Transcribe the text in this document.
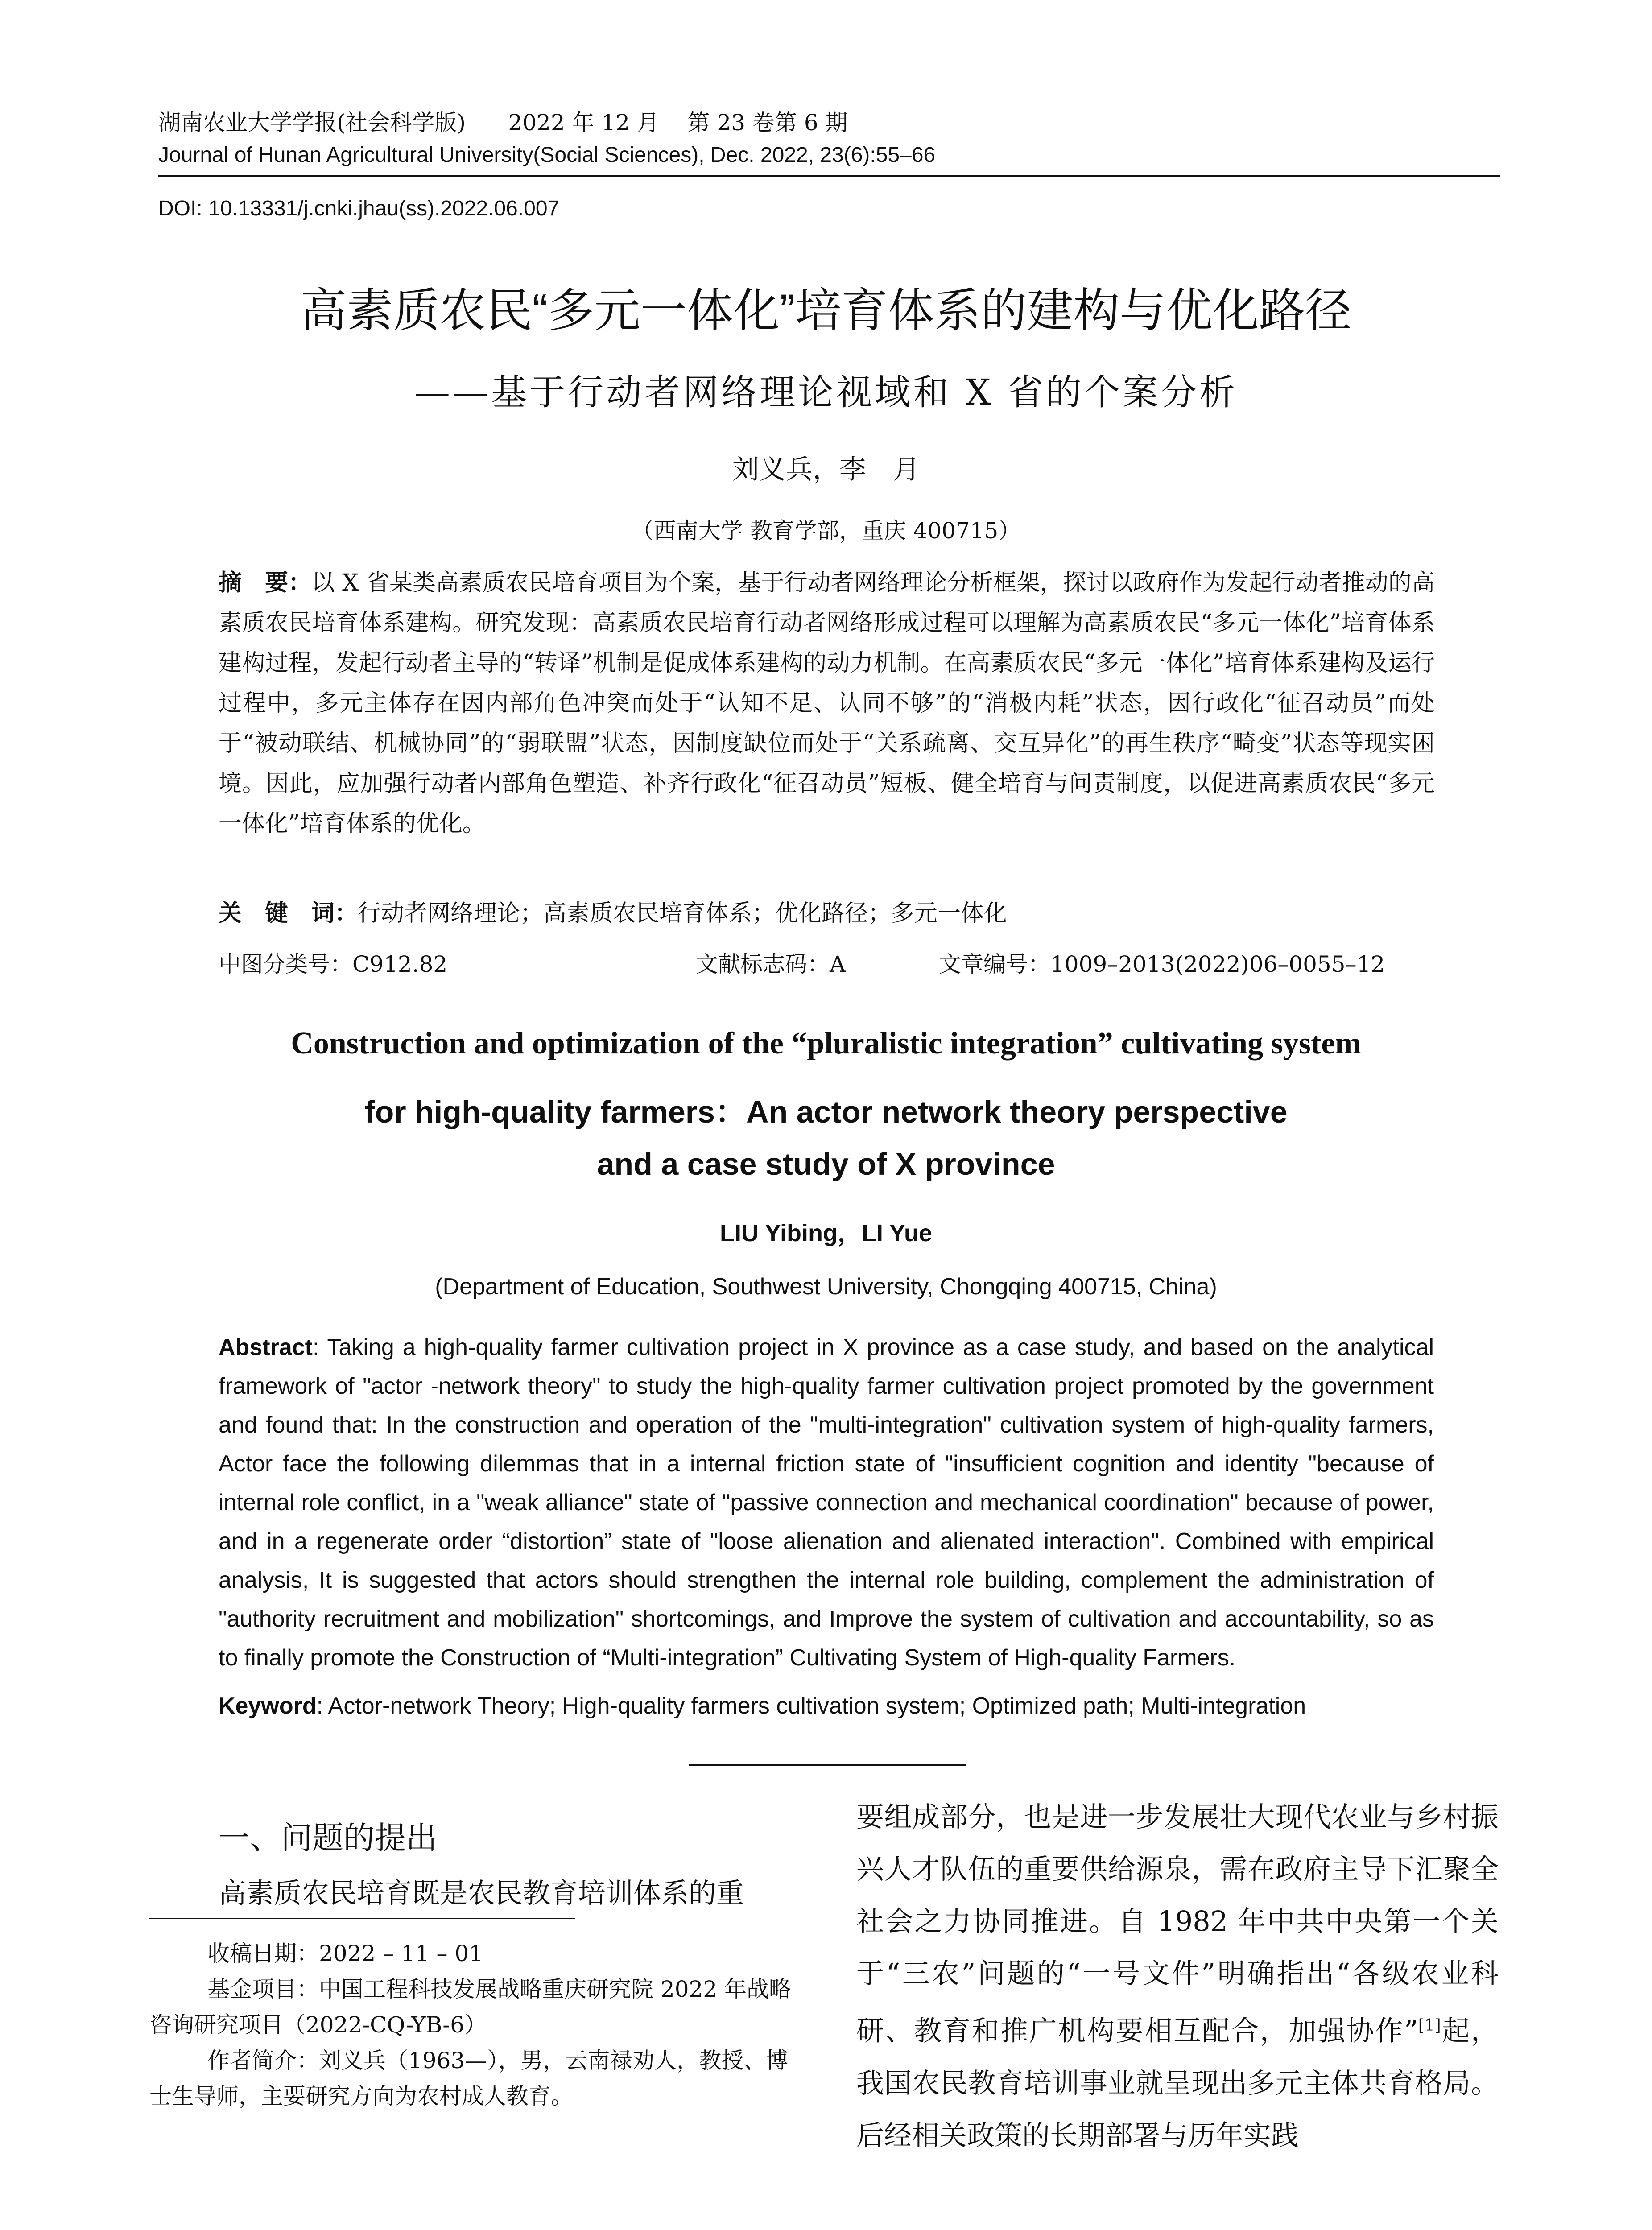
湖南农业大学学报(社会科学版) 2022 年 12 月 第 23 卷第 6 期
Journal of Hunan Agricultural University(Social Sciences), Dec. 2022, 23(6):55–66
DOI: 10.13331/j.cnki.jhau(ss).2022.06.007
高素质农民“多元一体化”培育体系的建构与优化路径
——基于行动者网络理论视域和 X 省的个案分析
刘义兵，李　月
（西南大学 教育学部，重庆 400715）
摘　要：以 X 省某类高素质农民培育项目为个案，基于行动者网络理论分析框架，探讨以政府作为发起行动者推动的高素质农民培育体系建构。研究发现：高素质农民培育行动者网络形成过程可以理解为高素质农民“多元一体化”培育体系建构过程，发起行动者主导的“转译”机制是促成体系建构的动力机制。在高素质农民“多元一体化”培育体系建构及运行过程中，多元主体存在因内部角色冲突而处于“认知不足、认同不够”的“消极内耗”状态，因行政化“征召动员”而处于“被动联结、机械协同”的“弱联盟”状态，因制度缺位而处于“关系疏离、交互异化”的再生秩序“畸变”状态等现实困境。因此，应加强行动者内部角色塑造、补齐行政化“征召动员”短板、健全培育与问责制度，以促进高素质农民“多元一体化”培育体系的优化。
关　键　词：行动者网络理论；高素质农民培育体系；优化路径；多元一体化
中图分类号：C912.82	文献标志码：A	文章编号：1009–2013(2022)06–0055–12
Construction and optimization of the “pluralistic integration” cultivating system
for high-quality farmers：An actor network theory perspective
and a case study of X province
LIU Yibing，LI Yue
(Department of Education, Southwest University, Chongqing 400715, China)
Abstract: Taking a high-quality farmer cultivation project in X province as a case study, and based on the analytical framework of "actor -network theory" to study the high-quality farmer cultivation project promoted by the government and found that: In the construction and operation of the "multi-integration" cultivation system of high-quality farmers, Actor face the following dilemmas that in a internal friction state of "insufficient cognition and identity "because of internal role conflict, in a "weak alliance" state of "passive connection and mechanical coordination" because of power, and in a regenerate order “distortion” state of "loose alienation and alienated interaction". Combined with empirical analysis, It is suggested that actors should strengthen the internal role building, complement the administration of "authority recruitment and mobilization" shortcomings, and Improve the system of cultivation and accountability, so as to finally promote the Construction of “Multi-integration” Cultivating System of High-quality Farmers.
Keyword: Actor-network Theory; High-quality farmers cultivation system; Optimized path; Multi-integration
一、问题的提出
高素质农民培育既是农民教育培训体系的重

收稿日期：2022 – 11 – 01

基金项目：中国工程科技发展战略重庆研究院 2022 年战略咨询研究项目（2022-CQ-YB-6）

作者简介：刘义兵（1963—），男，云南禄劝人，教授、博士生导师，主要研究方向为农村成人教育。

要组成部分，也是进一步发展壮大现代农业与乡村振兴人才队伍的重要供给源泉，需在政府主导下汇聚全社会之力协同推进。自 1982 年中共中央第一个关于“三农”问题的“一号文件”明确指出“各级农业科研、教育和推广机构要相互配合，加强协作”[1]起，我国农民教育培训事业就呈现出多元主体共育格局。后经相关政策的长期部署与历年实践
